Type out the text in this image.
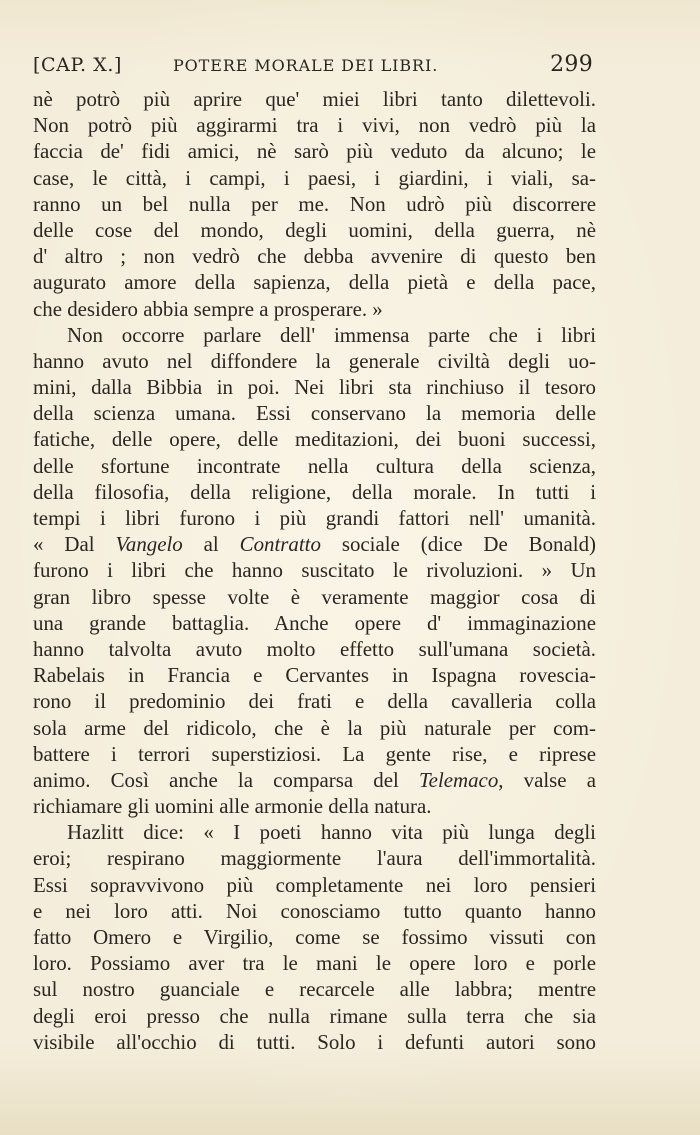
[CAP. X.]	POTERE MORALE DEI LIBRI.	299
nè potrò più aprire que' miei libri tanto dilettevoli.
Non potrò più aggirarmi tra i vivi, non vedrò più la
faccia de' fidi amici, nè sarò più veduto da alcuno; le
case, le città, i campi, i paesi, i giardini, i viali, sa-
ranno un bel nulla per me. Non udrò più discorrere
delle cose del mondo, degli uomini, della guerra, nè
d' altro ; non vedrò che debba avvenire di questo ben
augurato amore della sapienza, della pietà e della pace,
che desidero abbia sempre a prosperare. »
Non occorre parlare dell' immensa parte che i libri
hanno avuto nel diffondere la generale civiltà degli uo-
mini, dalla Bibbia in poi. Nei libri sta rinchiuso il tesoro
della scienza umana. Essi conservano la memoria delle
fatiche, delle opere, delle meditazioni, dei buoni successi,
delle sfortune incontrate nella cultura della scienza,
della filosofia, della religione, della morale. In tutti i
tempi i libri furono i più grandi fattori nell' umanità.
« Dal Vangelo al Contratto sociale (dice De Bonald)
furono i libri che hanno suscitato le rivoluzioni. » Un
gran libro spesse volte è veramente maggior cosa di
una grande battaglia. Anche opere d' immaginazione
hanno talvolta avuto molto effetto sull'umana società.
Rabelais in Francia e Cervantes in Ispagna rovescia-
rono il predominio dei frati e della cavalleria colla
sola arme del ridicolo, che è la più naturale per com-
battere i terrori superstiziosi. La gente rise, e riprese
animo. Così anche la comparsa del Telemaco, valse a
richiamare gli uomini alle armonie della natura.
Hazlitt dice: « I poeti hanno vita più lunga degli
eroi; respirano maggiormente l'aura dell'immortalità.
Essi sopravvivono più completamente nei loro pensieri
e nei loro atti. Noi conosciamo tutto quanto hanno
fatto Omero e Virgilio, come se fossimo vissuti con
loro. Possiamo aver tra le mani le opere loro e porle
sul nostro guanciale e recarcele alle labbra; mentre
degli eroi presso che nulla rimane sulla terra che sia
visibile all'occhio di tutti. Solo i defunti autori sono
